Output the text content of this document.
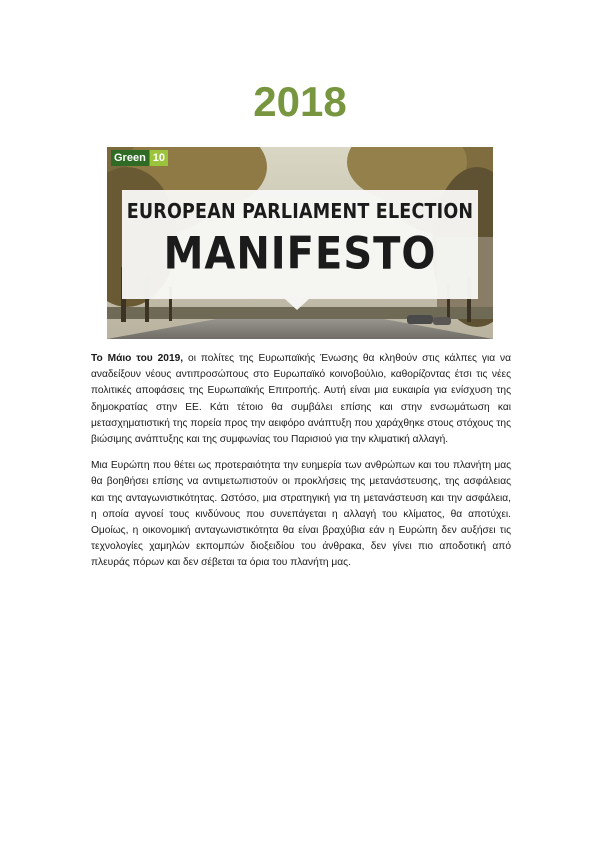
2018
Green 10
EUROPEAN PARLIAMENT ELECTION
MANIFESTO

Το Μάιο του 2019, οι πολίτες της Ευρωπαϊκής Ένωσης θα κληθούν στις κάλπες για να αναδείξουν νέους αντιπροσώπους στο Ευρωπαϊκό κοινοβούλιο, καθορίζοντας έτσι τις νέες πολιτικές αποφάσεις της Ευρωπαϊκής Επιτροπής. Αυτή είναι μια ευκαιρία για ενίσχυση της δημοκρατίας στην ΕΕ. Κάτι τέτοιο θα συμβάλει επίσης και στην ενσωμάτωση και μετασχηματιστική της πορεία προς την αειφόρο ανάπτυξη που χαράχθηκε στους στόχους της βιώσιμης ανάπτυξης και της συμφωνίας του Παρισιού για την κλιματική αλλαγή.

Μια Ευρώπη που θέτει ως προτεραιότητα την ευημερία των ανθρώπων και του πλανήτη μας θα βοηθήσει επίσης να αντιμετωπιστούν οι προκλήσεις της μετανάστευσης, της ασφάλειας και της ανταγωνιστικότητας. Ωστόσο, μια στρατηγική για τη μετανάστευση και την ασφάλεια, η οποία αγνοεί τους κινδύνους που συνεπάγεται η αλλαγή του κλίματος, θα αποτύχει. Ομοίως, η οικονομική ανταγωνιστικότητα θα είναι βραχύβια εάν η Ευρώπη δεν αυξήσει τις τεχνολογίες χαμηλών εκπομπών διοξειδίου του άνθρακα, δεν γίνει πιο αποδοτική από πλευράς πόρων και δεν σέβεται τα όρια του πλανήτη μας.
